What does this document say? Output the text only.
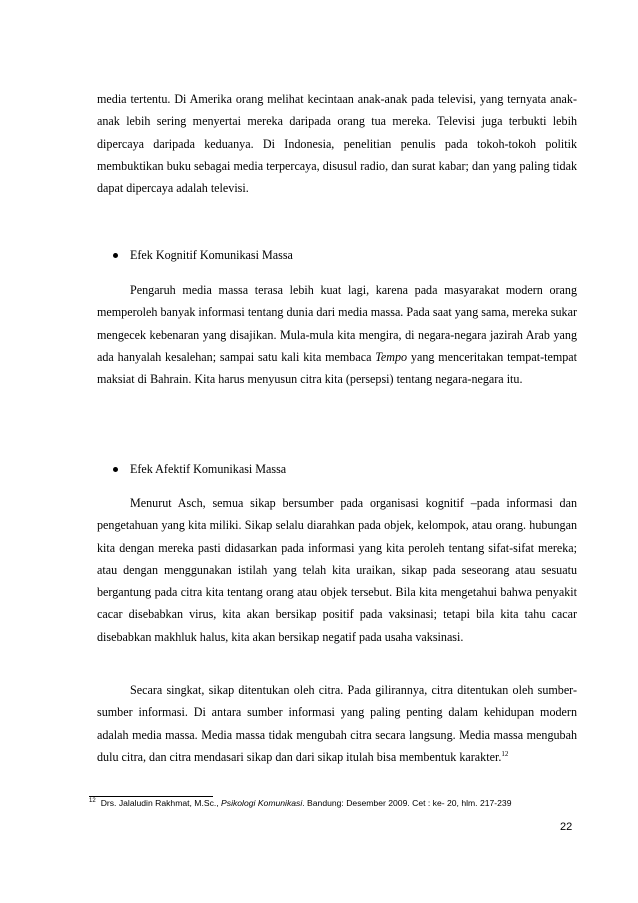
media tertentu. Di Amerika orang melihat kecintaan anak-anak pada televisi, yang ternyata anak-anak lebih sering menyertai mereka daripada orang tua mereka. Televisi juga terbukti lebih dipercaya daripada keduanya. Di Indonesia, penelitian penulis pada tokoh-tokoh politik membuktikan buku sebagai media terpercaya, disusul radio, dan surat kabar; dan yang paling tidak dapat dipercaya adalah televisi.

Efek Kognitif Komunikasi Massa

Pengaruh media massa terasa lebih kuat lagi, karena pada masyarakat modern orang memperoleh banyak informasi tentang dunia dari media massa. Pada saat yang sama, mereka sukar mengecek kebenaran yang disajikan. Mula-mula kita mengira, di negara-negara jazirah Arab yang ada hanyalah kesalehan; sampai satu kali kita membaca Tempo yang menceritakan tempat-tempat maksiat di Bahrain. Kita harus menyusun citra kita (persepsi) tentang negara-negara itu.

Efek Afektif Komunikasi Massa

Menurut Asch, semua sikap bersumber pada organisasi kognitif –pada informasi dan pengetahuan yang kita miliki. Sikap selalu diarahkan pada objek, kelompok, atau orang. hubungan kita dengan mereka pasti didasarkan pada informasi yang kita peroleh tentang sifat-sifat mereka; atau dengan menggunakan istilah yang telah kita uraikan, sikap pada seseorang atau sesuatu bergantung pada citra kita tentang orang atau objek tersebut. Bila kita mengetahui bahwa penyakit cacar disebabkan virus, kita akan bersikap positif pada vaksinasi; tetapi bila kita tahu cacar disebabkan makhluk halus, kita akan bersikap negatif pada usaha vaksinasi.

Secara singkat, sikap ditentukan oleh citra. Pada gilirannya, citra ditentukan oleh sumber-sumber informasi. Di antara sumber informasi yang paling penting dalam kehidupan modern adalah media massa. Media massa tidak mengubah citra secara langsung. Media massa mengubah dulu citra, dan citra mendasari sikap dan dari sikap itulah bisa membentuk karakter.$^{12}$

$^{12}$ Drs. Jalaludin Rakhmat, M.Sc., Psikologi Komunikasi. Bandung: Desember 2009. Cet : ke- 20, hlm. 217-239
22
